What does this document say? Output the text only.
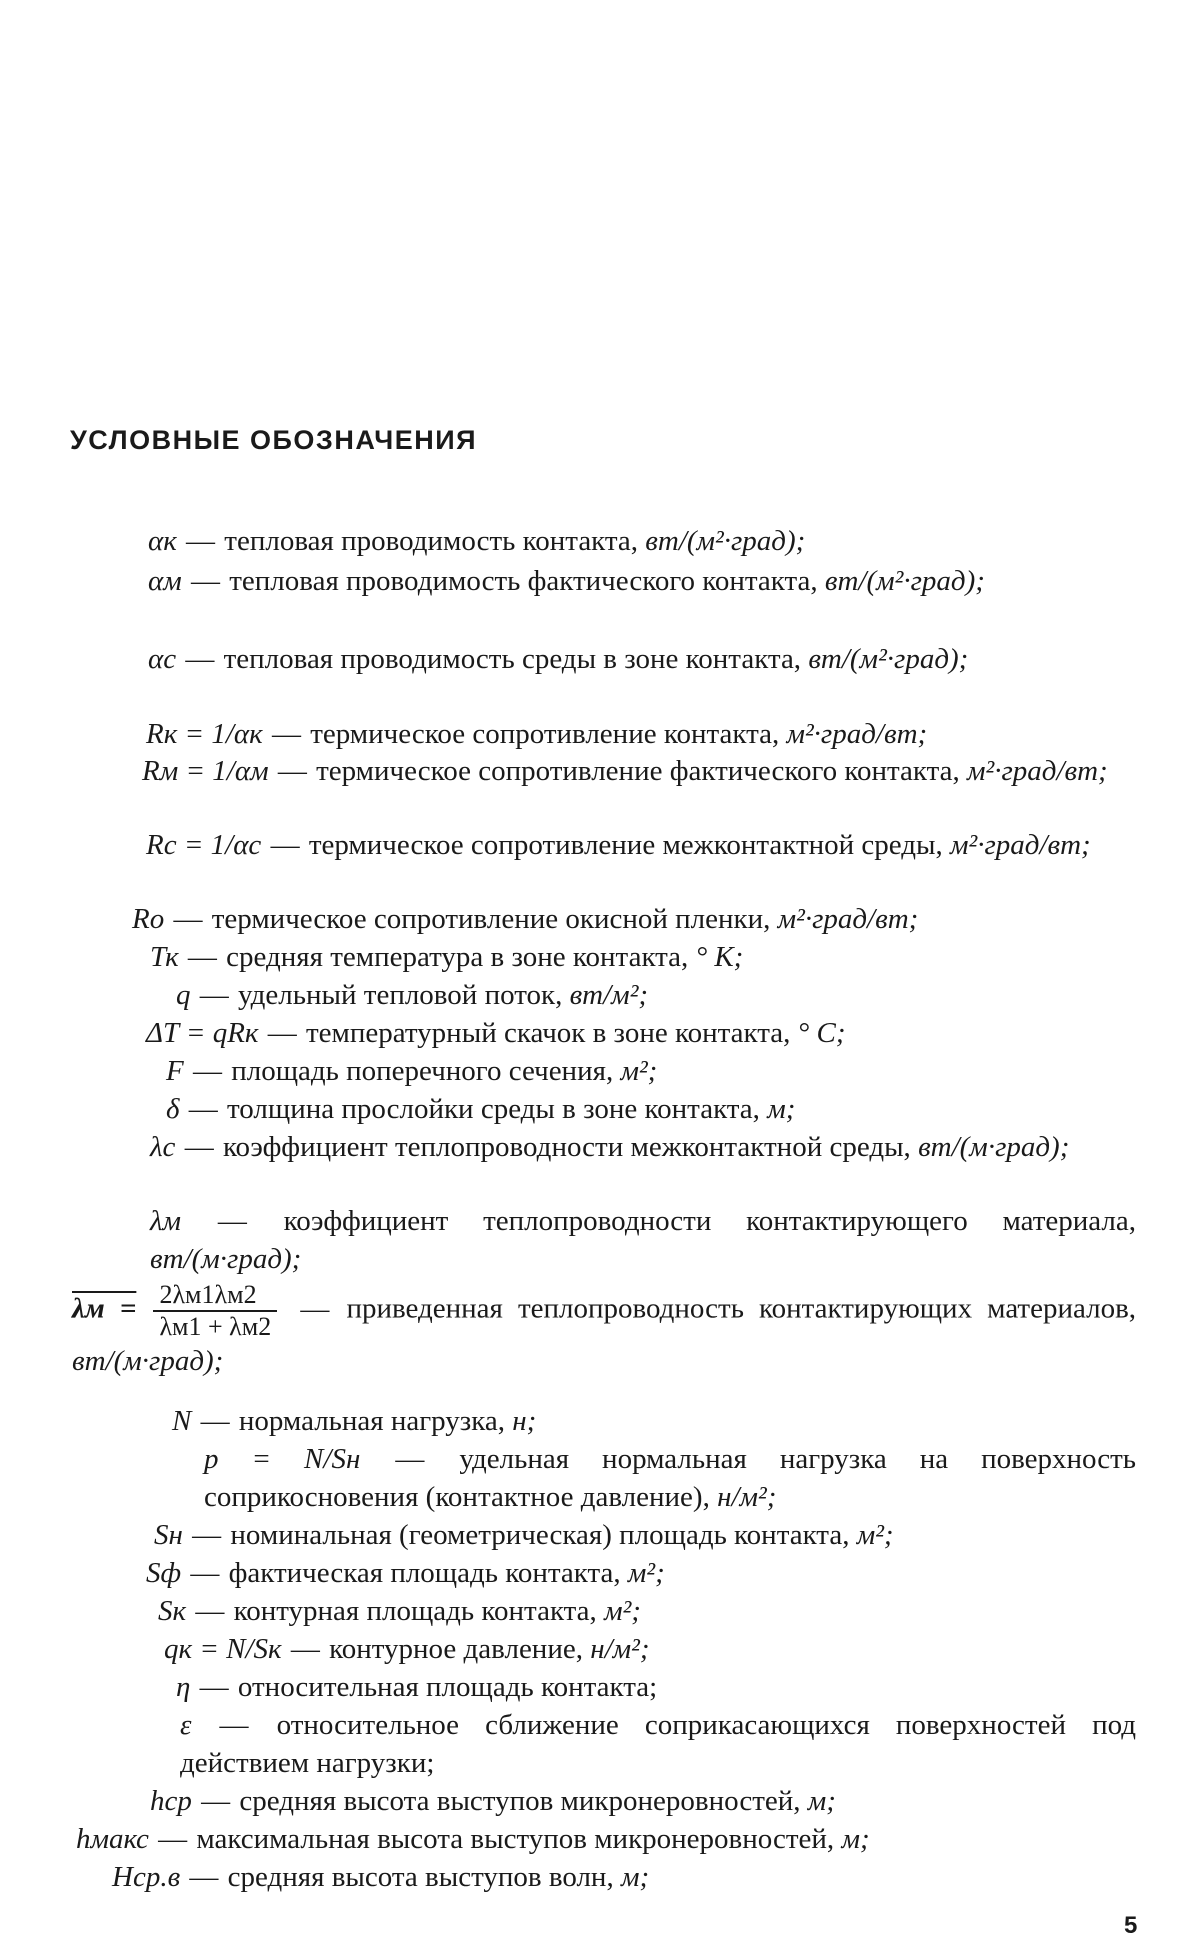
УСЛОВНЫЕ ОБОЗНАЧЕНИЯ

αк — тепловая проводимость контакта, вт/(м²·град);

αм — тепловая проводимость фактического контакта, вт/(м²·град);

αс — тепловая проводимость среды в зоне контакта, вт/(м²·град);

Rк = 1/αк — термическое сопротивление контакта, м²·град/вт;

Rм = 1/αм — термическое сопротивление фактического контакта, м²·град/вт;

Rс = 1/αс — термическое сопротивление межконтактной среды, м²·град/вт;

Rо — термическое сопротивление окисной пленки, м²·град/вт;

Тк — средняя температура в зоне контакта, ° К;

q — удельный тепловой поток, вт/м²;

ΔT = qRк — температурный скачок в зоне контакта, ° С;

F — площадь поперечного сечения, м²;

δ — толщина прослойки среды в зоне контакта, м;

λс — коэффициент теплопроводности межконтактной среды, вт/(м·град);

λм — коэффициент теплопроводности контактирующего материала, вт/(м·град);

$\lambda м = \frac{2\lambda м1\lambda м2}{\lambda м1 + \lambda м2}$ — приведенная теплопроводность контактирующих материалов, вт/(м·град);

N — нормальная нагрузка, н;

p = N/Sн — удельная нормальная нагрузка на поверхность соприкосновения (контактное давление), н/м²;

Sн — номинальная (геометрическая) площадь контакта, м²;

Sф — фактическая площадь контакта, м²;

Sк — контурная площадь контакта, м²;

qк = N/Sк — контурное давление, н/м²;

η — относительная площадь контакта;

ε — относительное сближение соприкасающихся поверхностей под действием нагрузки;

hср — средняя высота выступов микронеровностей, м;

hмакс — максимальная высота выступов микронеровностей, м;

Нср.в — средняя высота выступов волн, м;

5
